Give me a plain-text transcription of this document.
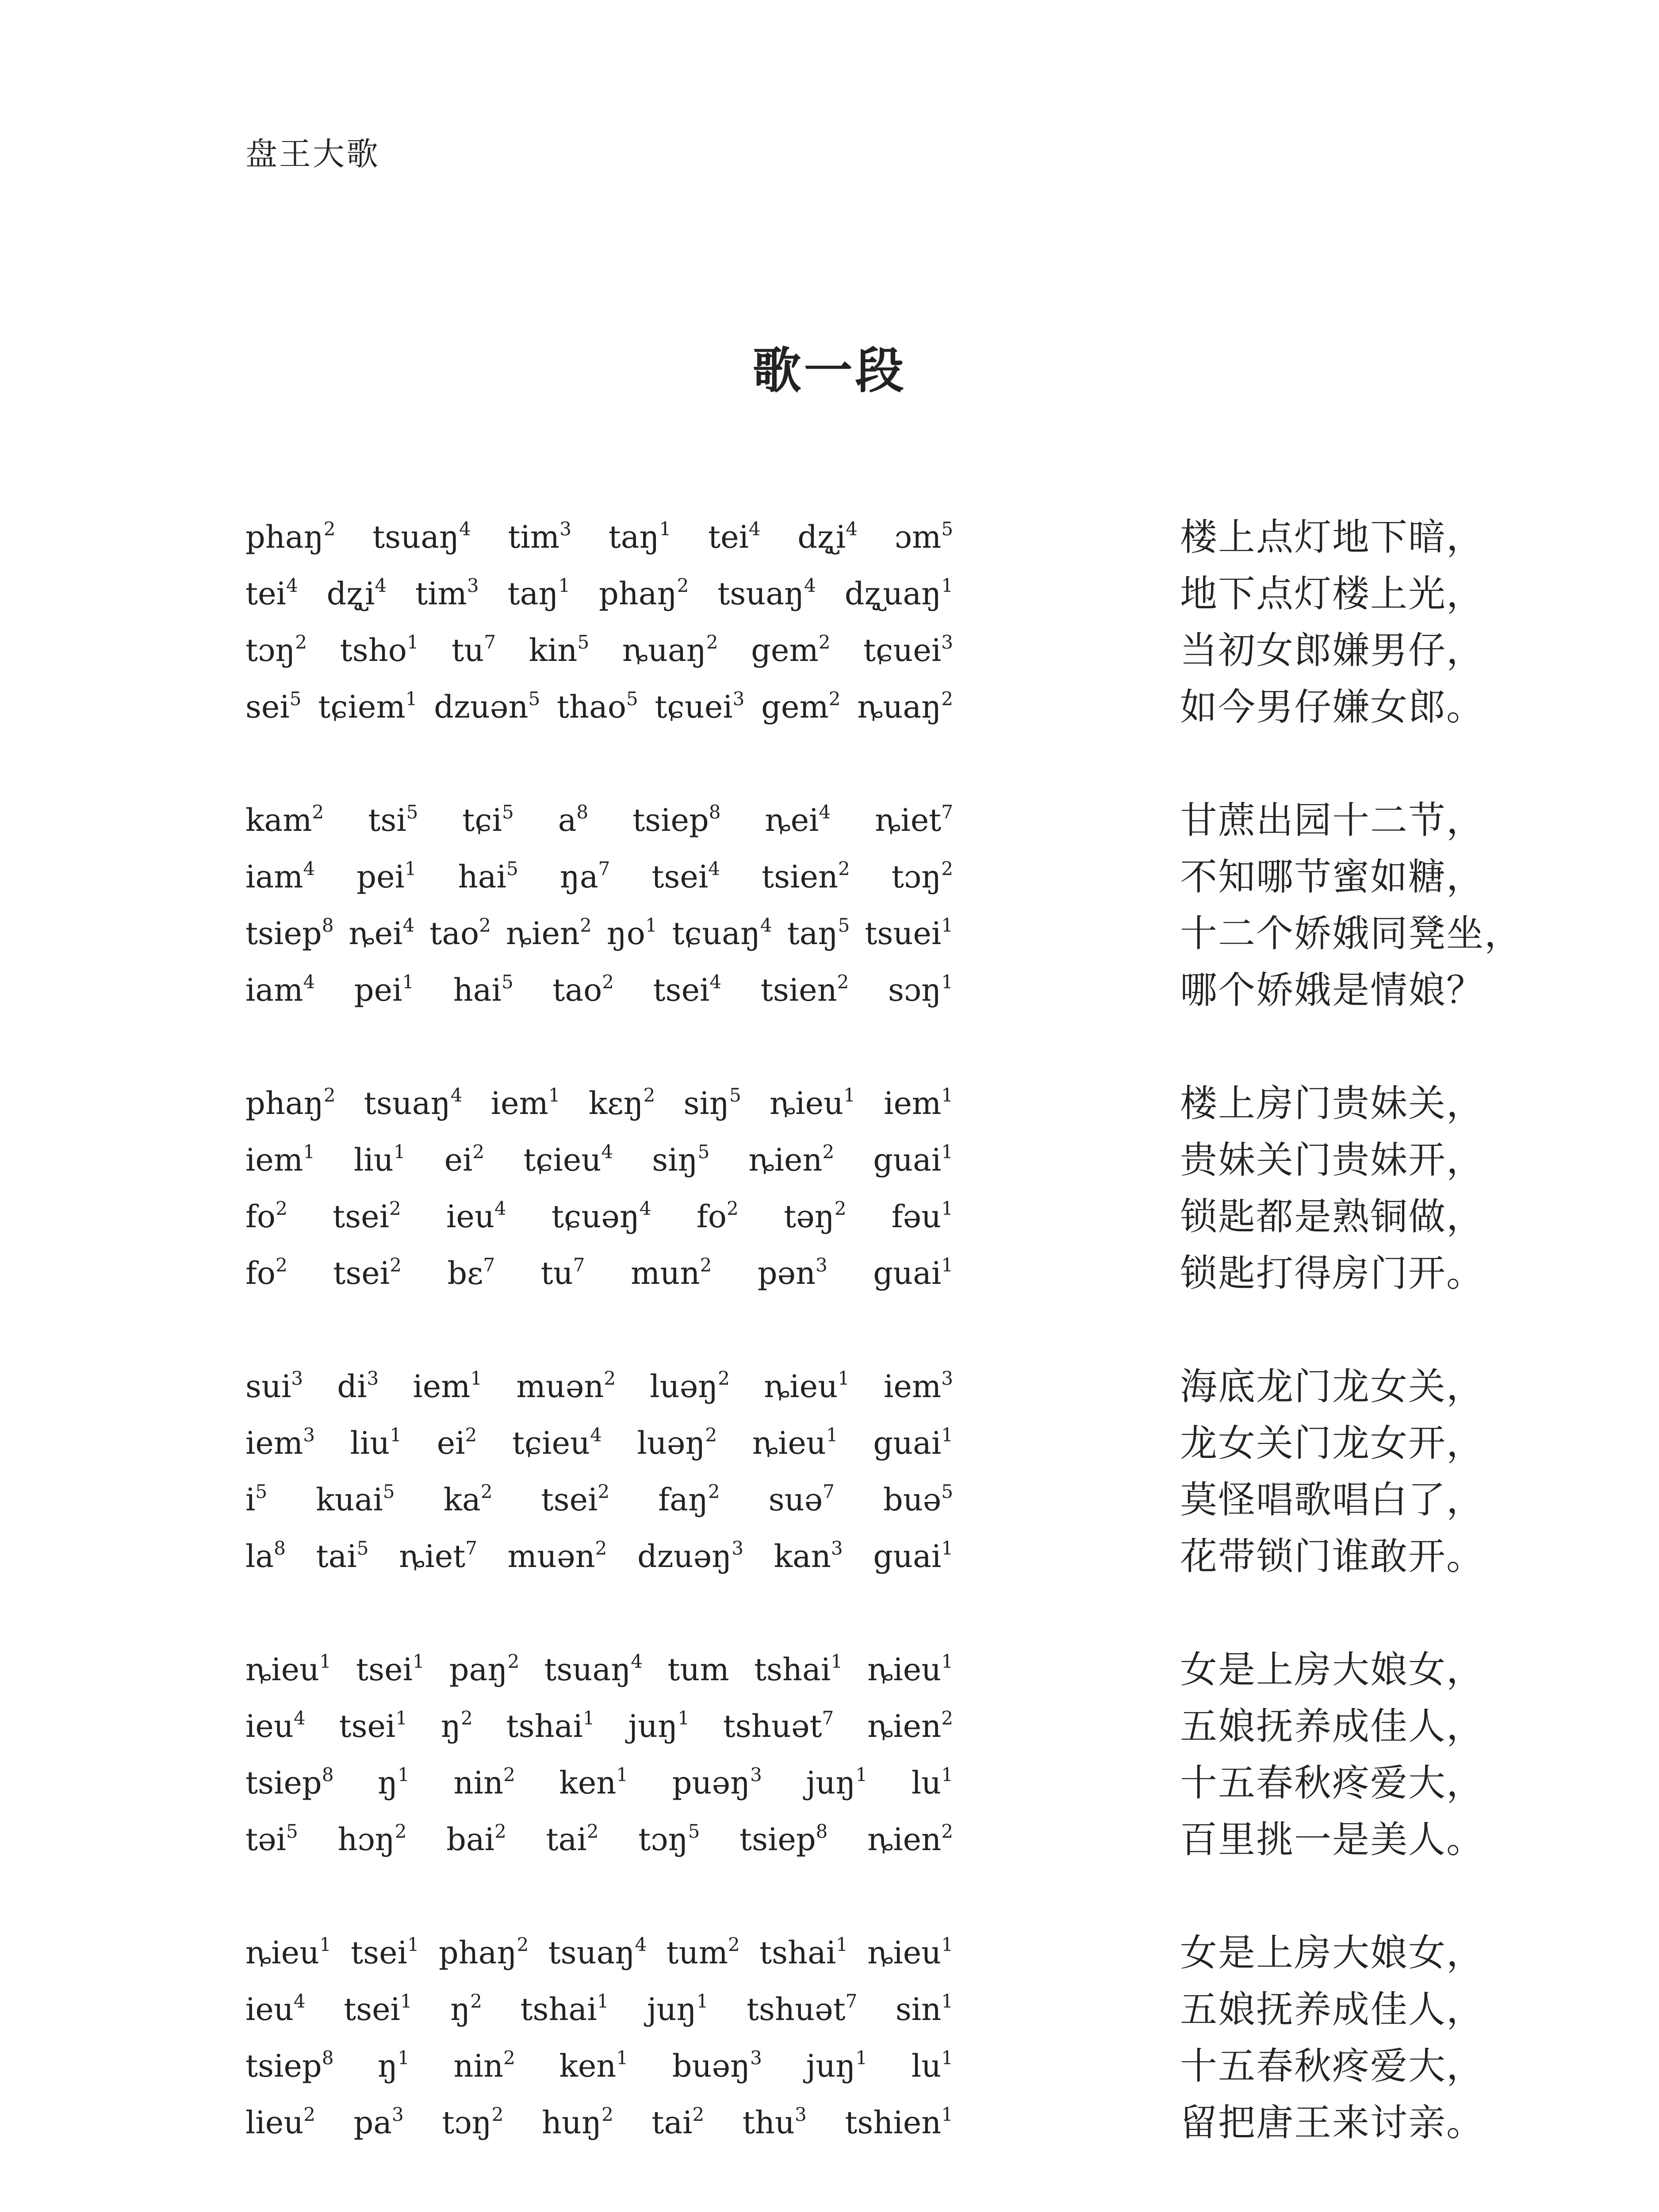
盘王大歌
歌一段
phaŋ$^2$ tsuaŋ$^4$ tim$^3$ taŋ$^1$ tei$^4$ $dʐ̨i^4$ ɔm$^5$	楼上点灯地下暗，
tei$^4$ $dʐ̨i^4$ tim$^3$ taŋ$^1$ phaŋ$^2$ tsuaŋ$^4$ dʐ̨uaŋ$^1$	地下点灯楼上光，
tɔŋ$^2$ tsho$^1$ $tu^7$ kin$^5$ ȵuaŋ$^2$ gem$^2$ tɕuei$^3$	当初女郎嫌男仔，
sei$^5$ tɕiem$^1$ dzuən$^5$ thao$^5$ tɕuei$^3$ gem$^2$ ȵuaŋ$^2$	如今男仔嫌女郎。
kam$^2$ tsi$^5$ tɕi$^5$ $a^8$ tsiep$^8$ ȵei$^4$ ȵiet$^7$	甘蔗出园十二节，
iam$^4$ pei$^1$ hai$^5$ $ŋa^7$ tsei$^4$ tsien$^2$ tɔŋ$^2$	不知哪节蜜如糖，
tsiep$^8$ ȵei$^4$ tao$^2$ ȵien$^2$ $ŋo^1$ tɕuaŋ$^4$ taŋ$^5$ tsuei$^1$	十二个娇娥同凳坐，
iam$^4$ pei$^1$ hai$^5$ tao$^2$ tsei$^4$ tsien$^2$ sɔŋ$^1$	哪个娇娥是情娘？
phaŋ$^2$ tsuaŋ$^4$ iem$^1$ kɛŋ$^2$ siŋ$^5$ ȵieu$^1$ iem$^1$	楼上房门贵妹关，
iem$^1$ liu$^1$ $ei^2$ tɕieu$^4$ siŋ$^5$ ȵien$^2$ guai$^1$	贵妹关门贵妹开，
$fo^2$ tsei$^2$ ieu$^4$ tɕuəŋ$^4$ $fo^2$ təŋ$^2$ fəu$^1$	锁匙都是熟铜做，
$fo^2$ tsei$^2$ bɛ$^7$ $tu^7$ mun$^2$ pən$^3$ guai$^1$	锁匙打得房门开。
sui$^3$ $di^3$ iem$^1$ muən$^2$ luəŋ$^2$ ȵieu$^1$ iem$^3$	海底龙门龙女关，
iem$^3$ liu$^1$ $ei^2$ tɕieu$^4$ luəŋ$^2$ ȵieu$^1$ guai$^1$	龙女关门龙女开，
$i^5$ kuai$^5$ $ka^2$ tsei$^2$ faŋ$^2$ suə$^7$ buə$^5$	莫怪唱歌唱白了，
$la^8$ tai$^5$ ȵiet$^7$ muən$^2$ dzuəŋ$^3$ kan$^3$ guai$^1$	花带锁门谁敢开。
ȵieu$^1$ tsei$^1$ paŋ$^2$ tsuaŋ$^4$ tum tshai$^1$ ȵieu$^1$	女是上房大娘女，
ieu$^4$ tsei$^1$ $ŋ^2$ tshai$^1$ juŋ$^1$ tshuət$^7$ ȵien$^2$	五娘抚养成佳人，
tsiep$^8$ $ŋ^1$ nin$^2$ ken$^1$ puəŋ$^3$ juŋ$^1$ $lu^1$	十五春秋疼爱大，
təi$^5$ hɔŋ$^2$ bai$^2$ tai$^2$ tɔŋ$^5$ tsiep$^8$ ȵien$^2$	百里挑一是美人。
ȵieu$^1$ tsei$^1$ phaŋ$^2$ tsuaŋ$^4$ tum$^2$ tshai$^1$ ȵieu$^1$	女是上房大娘女，
ieu$^4$ tsei$^1$ $ŋ^2$ tshai$^1$ juŋ$^1$ tshuət$^7$ $\sin^1$	五娘抚养成佳人，
tsiep$^8$ $ŋ^1$ nin$^2$ ken$^1$ buəŋ$^3$ juŋ$^1$ $lu^1$	十五春秋疼爱大，
lieu$^2$ $pa^3$ tɔŋ$^2$ huŋ$^2$ tai$^2$ thu$^3$ tshien$^1$	留把唐王来讨亲。
